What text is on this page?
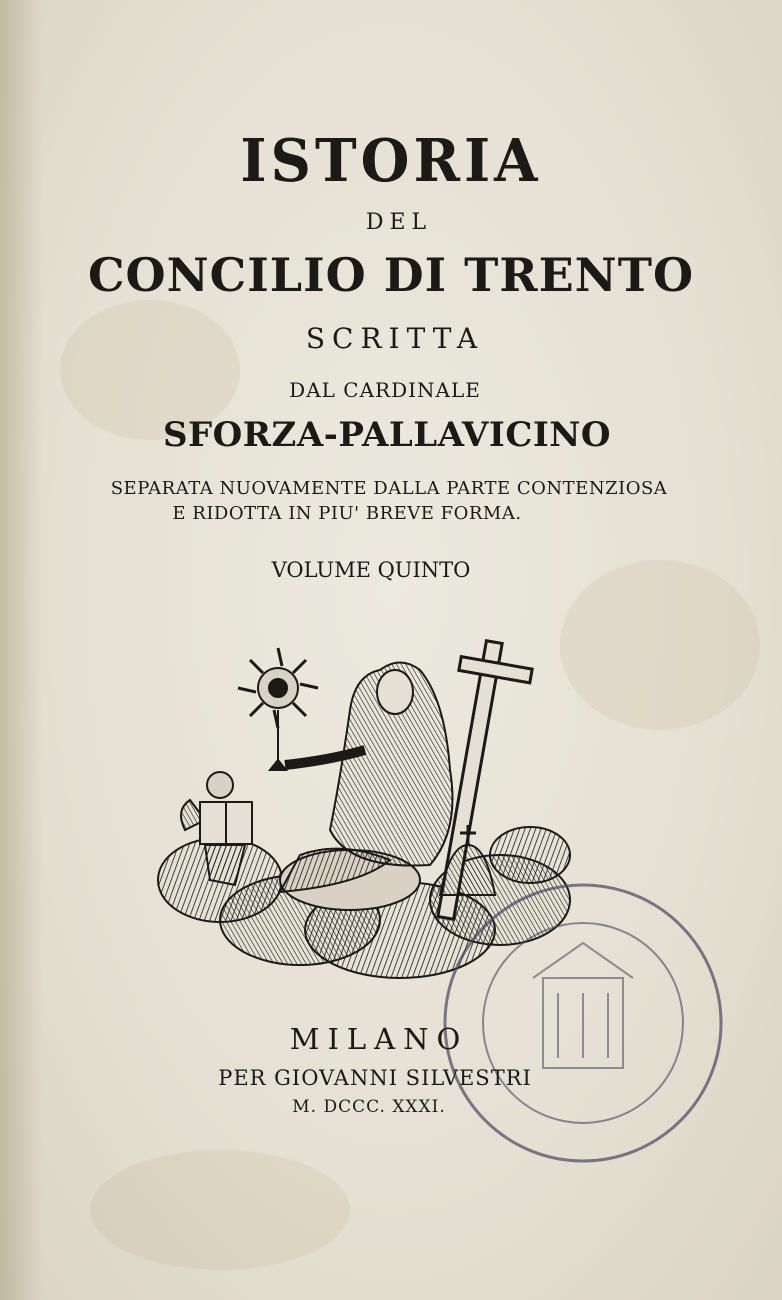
ISTORIA
DEL
CONCILIO DI TRENTO
SCRITTA
DAL CARDINALE
SFORZA-PALLAVICINO
SEPARATA NUOVAMENTE DALLA PARTE CONTENZIOSA
E RIDOTTA IN PIU' BREVE FORMA.
VOLUME QUINTO
MILANO
PER GIOVANNI SILVESTRI
M. DCCC. XXXI.
